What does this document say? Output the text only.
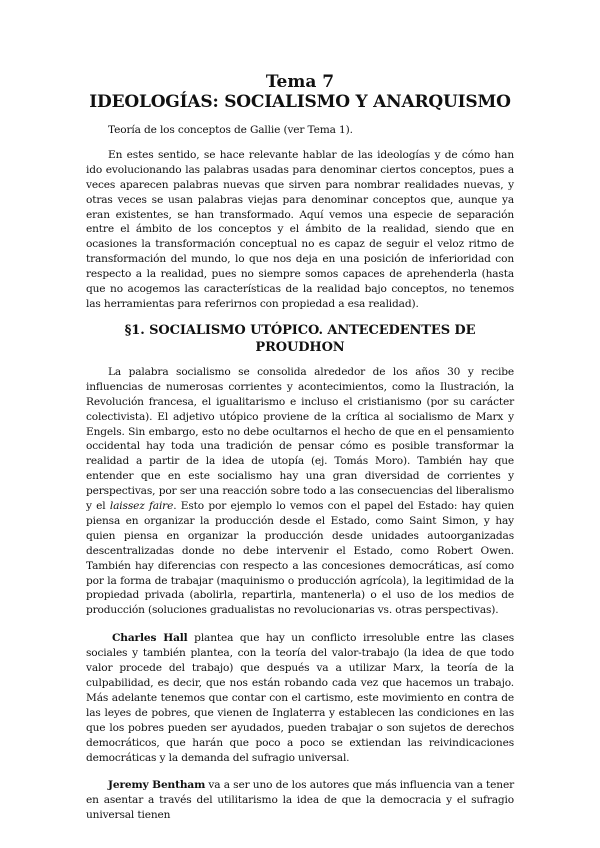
Tema 7
IDEOLOGÍAS: SOCIALISMO Y ANARQUISMO

Teoría de los conceptos de Gallie (ver Tema 1).

En estes sentido, se hace relevante hablar de las ideologías y de cómo han ido evolucionando las palabras usadas para denominar ciertos conceptos, pues a veces aparecen palabras nuevas que sirven para nombrar realidades nuevas, y otras veces se usan palabras viejas para denominar conceptos que, aunque ya eran existentes, se han transformado. Aquí vemos una especie de separación entre el ámbito de los conceptos y el ámbito de la realidad, siendo que en ocasiones la transformación conceptual no es capaz de seguir el veloz ritmo de transformación del mundo, lo que nos deja en una posición de inferioridad con respecto a la realidad, pues no siempre somos capaces de aprehenderla (hasta que no acogemos las características de la realidad bajo conceptos, no tenemos las herramientas para referirnos con propiedad a esa realidad).

§1. SOCIALISMO UTÓPICO. ANTECEDENTES DE PROUDHON

La palabra socialismo se consolida alrededor de los años 30 y recibe influencias de numerosas corrientes y acontecimientos, como la Ilustración, la Revolución francesa, el igualitarismo e incluso el cristianismo (por su carácter colectivista). El adjetivo utópico proviene de la crítica al socialismo de Marx y Engels. Sin embargo, esto no debe ocultarnos el hecho de que en el pensamiento occidental hay toda una tradición de pensar cómo es posible transformar la realidad a partir de la idea de utopía (ej. Tomás Moro). También hay que entender que en este socialismo hay una gran diversidad de corrientes y perspectivas, por ser una reacción sobre todo a las consecuencias del liberalismo y el laissez faire. Esto por ejemplo lo vemos con el papel del Estado: hay quien piensa en organizar la producción desde el Estado, como Saint Simon, y hay quien piensa en organizar la producción desde unidades autoorganizadas descentralizadas donde no debe intervenir el Estado, como Robert Owen. También hay diferencias con respecto a las concesiones democráticas, así como por la forma de trabajar (maquinismo o producción agrícola), la legitimidad de la propiedad privada (abolirla, repartirla, mantenerla) o el uso de los medios de producción (soluciones gradualistas no revolucionarias vs. otras perspectivas).

Charles Hall plantea que hay un conflicto irresoluble entre las clases sociales y también plantea, con la teoría del valor-trabajo (la idea de que todo valor procede del trabajo) que después va a utilizar Marx, la teoría de la culpabilidad, es decir, que nos están robando cada vez que hacemos un trabajo. Más adelante tenemos que contar con el cartismo, este movimiento en contra de las leyes de pobres, que vienen de Inglaterra y establecen las condiciones en las que los pobres pueden ser ayudados, pueden trabajar o son sujetos de derechos democráticos, que harán que poco a poco se extiendan las reivindicaciones democráticas y la demanda del sufragio universal.

Jeremy Bentham va a ser uno de los autores que más influencia van a tener en asentar a través del utilitarismo la idea de que la democracia y el sufragio universal tienen
